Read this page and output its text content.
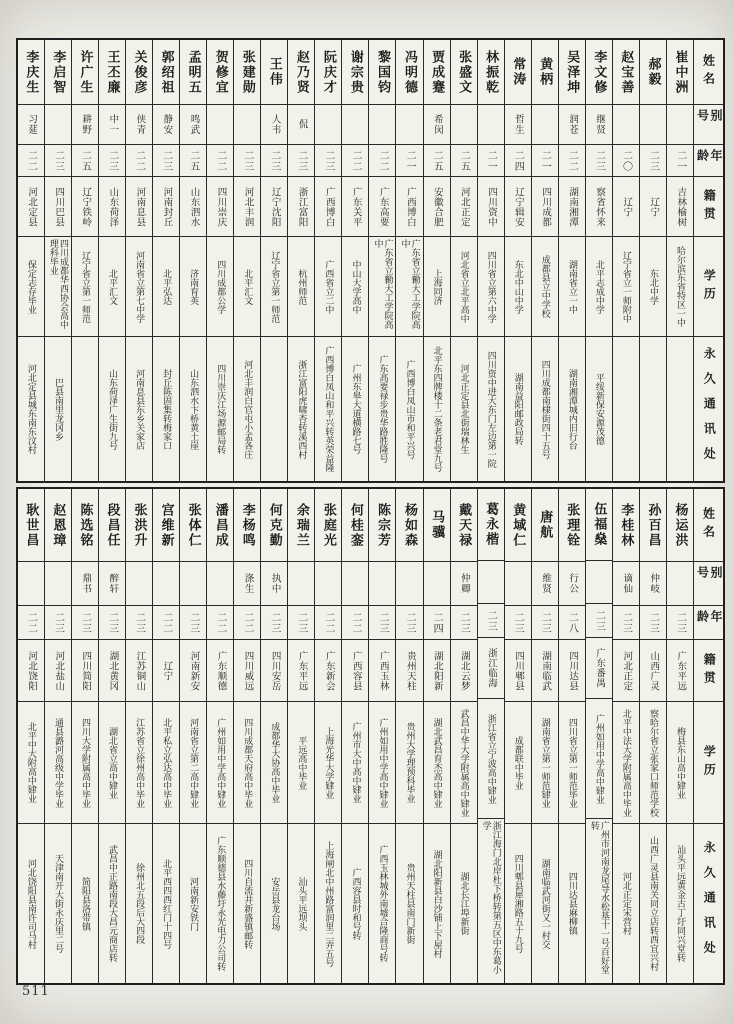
姓名
别号
年龄
籍贯
学历
永久通讯处
崔中洲
二一
吉林榆树
哈尔滨东省特区一中
郝毅
二三
辽宁
东北中学
赵宝善
二〇
辽宁
辽宁省立一师附中
李文修
继贤
二三
察省怀来
北平志成中学
平绥新保安源茂德
吴泽坤
润苍
二二
湖南湘潭
湖南省立一中
湖南湘潭城内旧行台
黄柄
二一
四川成都
成都县立中学校
四川成都南棣街四十五号
常涛
哲生
二四
辽宁辑安
东北中山中学
湖南益阳邮政局转
林振乾
二一
四川资中
四川省立第六中学
四川资中进大东门左边第一院
张盛文
二五
河北正定
河北省立北平高中
河北正定县北街瑞林生
贾成蹇
希闵
二五
安徽合肥
上海同济
北平东四牌楼十二条老君堂九号
冯明德
二一
广西博白
广东省立勷大工学院高中
广西博白凤山市和平兴号
黎国钧
二二
广东高要
广东省立勷大工学院高中
广东高要禄步贵华路胜隆号
谢宗贵
二二
广东关平
中山大学高中
广州东皋大道横路七号
阮庆才
二三
广西博白
广西省立二中
广西博白凤山和平兴转英荣益隆
赵乃贤
侃
二三
浙江富阳
杭州师范
浙江富阳虎啸杏转溪西村
王伟
人韦
二三
辽宁沈阳
辽宁省立第一师范
张建勋
二三
河北丰润
北平汇文
河北丰润白官屯小孟各庄
贺修宜
二二
四川崇庆
四川成都公学
四川崇庆江场源邮局转
孟明五
鸣武
二五
山东泗水
济南育英
山东泗水卞桥黄土崖
郭绍祖
静安
二三
河南封丘
北平弘达
封丘陈固集转梅家口
关俊彦
侠青
二二
河南息县
河南省立第七中学
河南息县东乡关家店
王丕廉
中一
二三
山东荷泽
北平汇文
山东荷泽广生街九号
许广生
耕野
二五
辽宁铁岭
辽宁省立第一师范
李启智
二三
四川巴县
四川成都华西协会高中理科毕业
巴县南里龙冈乡
李庆生
习莚
二二
河北定县
保定志存毕业
河北定县城东南东汶村
姓名
别号
年龄
籍贯
学历
永久通讯处
杨运洪
二三
广东平远
梅县东山高中肄业
汕头平远黄金古丁圩同兴堂转
孙百昌
仲岐
二三
山西广灵
察哈尔省立张家口师范学校
山西广灵县南关同立店转西宜兴村
李桂林
谪仙
二三
河北正定
北平中法大学附属高中毕业
河北正定宋营村
伍福燊
二三
广东番禺
广州如用中学高中肄业
广州市河南龙尾导水松基十一号百好堂转
张理铨
行公
二八
四川达县
四川省立第一师范毕业
四川达县麻柳镇
唐航
维贤
二三
湖南临武
湖南省立第一师范肄业
湖南临武河街又一村交
黄域仁
二三
四川郫县
成都联中毕业
四川郫县犀湘路五十九号
葛永楷
二三
浙江临海
浙江省立宁波高中肄业
浙江海门北岸杜下桥转第五区中东葛小学
戴天禄
仲卿
二三
湖北云梦
武昌中华大学附属高中肄业
湖北长江埠新街
马骥
二四
湖北阳新
湖北武昌育杰高中肄业
湖北阳新县白沙铺上下屋村
杨如森
二三
贵州天柱
贵州大学理预科毕业
贵州天柱县南门新街
陈宗芳
二三
广西玉林
广州如用中学高中肄业
广西玉林城外南墟合隆商号转
何桂銮
二二
广西容县
广州市大中高中肄业
广西容县时和号转
张庭光
二二
广东新会
上海光华大学肄业
上海闸北中州路富润里二弄五号
余瑞兰
二三
广东平远
平远高中毕业
汕头平远坝头
何克勤
执中
二三
四川安岳
成都华大协高中毕业
安岳县龙台场
李杨鸣
涤生
二二
四川威远
四川成都天府高中毕业
四川自流井新盛镇邮转
潘昌成
二二
广东顺德
广州如用中学高中肄业
广东顺德县水藤圩永光电力公司转
张体仁
二三
河南新安
河南省立第二高中肄业
河南新安铁门
宫维新
二二
辽宁
北平私立弘达高中毕业
北平西四西红门十四号
张洪升
二三
江苏铜山
江苏省立徐州高中毕业
徐州北五段后大四段
段昌任
醉轩
二三
湖北黄冈
湖北省立高中肄业
武昌中正路南段大昌元商店转
陈选铭
鼎书
二三
四川简阳
四川大学附属高中毕业
简阳县洛带镇
赵恩璋
二三
河北盐山
通县潞河高级中学毕业
天津南开大街永庆里二号
耿世昌
二二
河北饶阳
北平中大附高中肄业
河北饶阳县南许司马村
511
